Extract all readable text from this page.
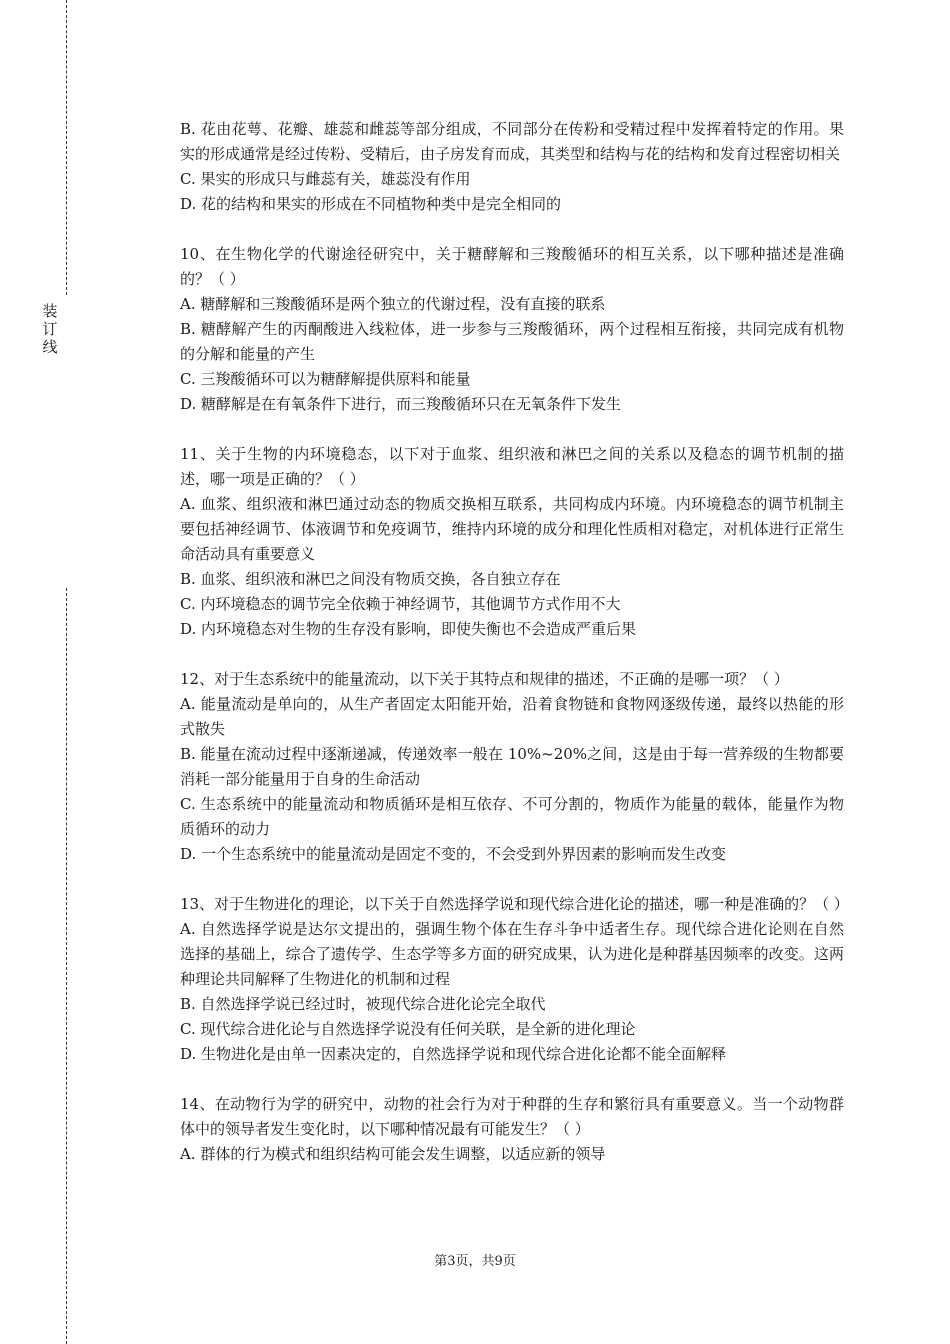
装
订
线

B. 花由花萼、花瓣、雄蕊和雌蕊等部分组成，不同部分在传粉和受精过程中发挥着特定的作用。果实的形成通常是经过传粉、受精后，由子房发育而成，其类型和结构与花的结构和发育过程密切相关

C. 果实的形成只与雌蕊有关，雄蕊没有作用

D. 花的结构和果实的形成在不同植物种类中是完全相同的

10、在生物化学的代谢途径研究中，关于糖酵解和三羧酸循环的相互关系，以下哪种描述是准确的？（ ）

A. 糖酵解和三羧酸循环是两个独立的代谢过程，没有直接的联系

B. 糖酵解产生的丙酮酸进入线粒体，进一步参与三羧酸循环，两个过程相互衔接，共同完成有机物的分解和能量的产生

C. 三羧酸循环可以为糖酵解提供原料和能量

D. 糖酵解是在有氧条件下进行，而三羧酸循环只在无氧条件下发生

11、关于生物的内环境稳态，以下对于血浆、组织液和淋巴之间的关系以及稳态的调节机制的描述，哪一项是正确的？（ ）

A. 血浆、组织液和淋巴通过动态的物质交换相互联系，共同构成内环境。内环境稳态的调节机制主要包括神经调节、体液调节和免疫调节，维持内环境的成分和理化性质相对稳定，对机体进行正常生命活动具有重要意义

B. 血浆、组织液和淋巴之间没有物质交换，各自独立存在

C. 内环境稳态的调节完全依赖于神经调节，其他调节方式作用不大

D. 内环境稳态对生物的生存没有影响，即使失衡也不会造成严重后果

12、对于生态系统中的能量流动，以下关于其特点和规律的描述，不正确的是哪一项？（ ）

A. 能量流动是单向的，从生产者固定太阳能开始，沿着食物链和食物网逐级传递，最终以热能的形式散失

B. 能量在流动过程中逐渐递减，传递效率一般在 10%~20%之间，这是由于每一营养级的生物都要消耗一部分能量用于自身的生命活动

C. 生态系统中的能量流动和物质循环是相互依存、不可分割的，物质作为能量的载体，能量作为物质循环的动力

D. 一个生态系统中的能量流动是固定不变的，不会受到外界因素的影响而发生改变

13、对于生物进化的理论，以下关于自然选择学说和现代综合进化论的描述，哪一种是准确的？（ ）

A. 自然选择学说是达尔文提出的，强调生物个体在生存斗争中适者生存。现代综合进化论则在自然选择的基础上，综合了遗传学、生态学等多方面的研究成果，认为进化是种群基因频率的改变。这两种理论共同解释了生物进化的机制和过程

B. 自然选择学说已经过时，被现代综合进化论完全取代

C. 现代综合进化论与自然选择学说没有任何关联，是全新的进化理论

D. 生物进化是由单一因素决定的，自然选择学说和现代综合进化论都不能全面解释

14、在动物行为学的研究中，动物的社会行为对于种群的生存和繁衍具有重要意义。当一个动物群体中的领导者发生变化时，以下哪种情况最有可能发生？（ ）

A. 群体的行为模式和组织结构可能会发生调整，以适应新的领导

第3页，共9页
